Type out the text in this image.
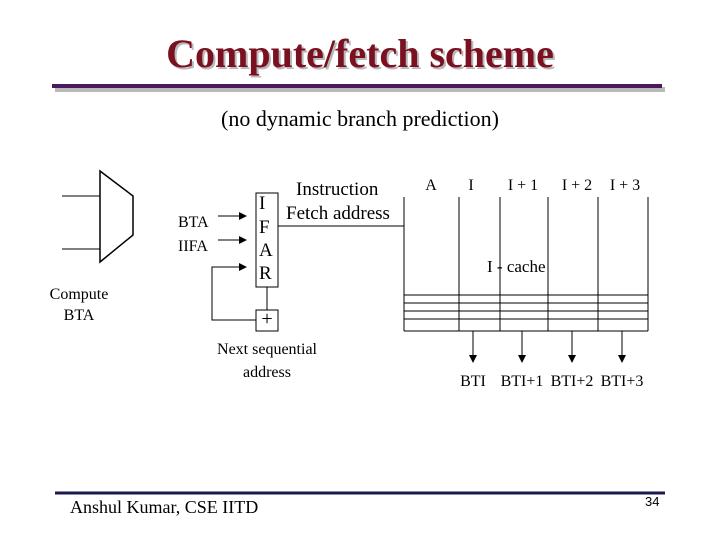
Compute/fetch scheme
(no dynamic branch prediction)
BTA
IIFA
Compute
BTA
I
F
A
R
Instruction
Fetch address
+
Next sequential
address
A	I	I + 1	I + 2	I + 3
I - cache
BTI BTI+1 BTI+2 BTI+3
Anshul Kumar, CSE IITD	34
